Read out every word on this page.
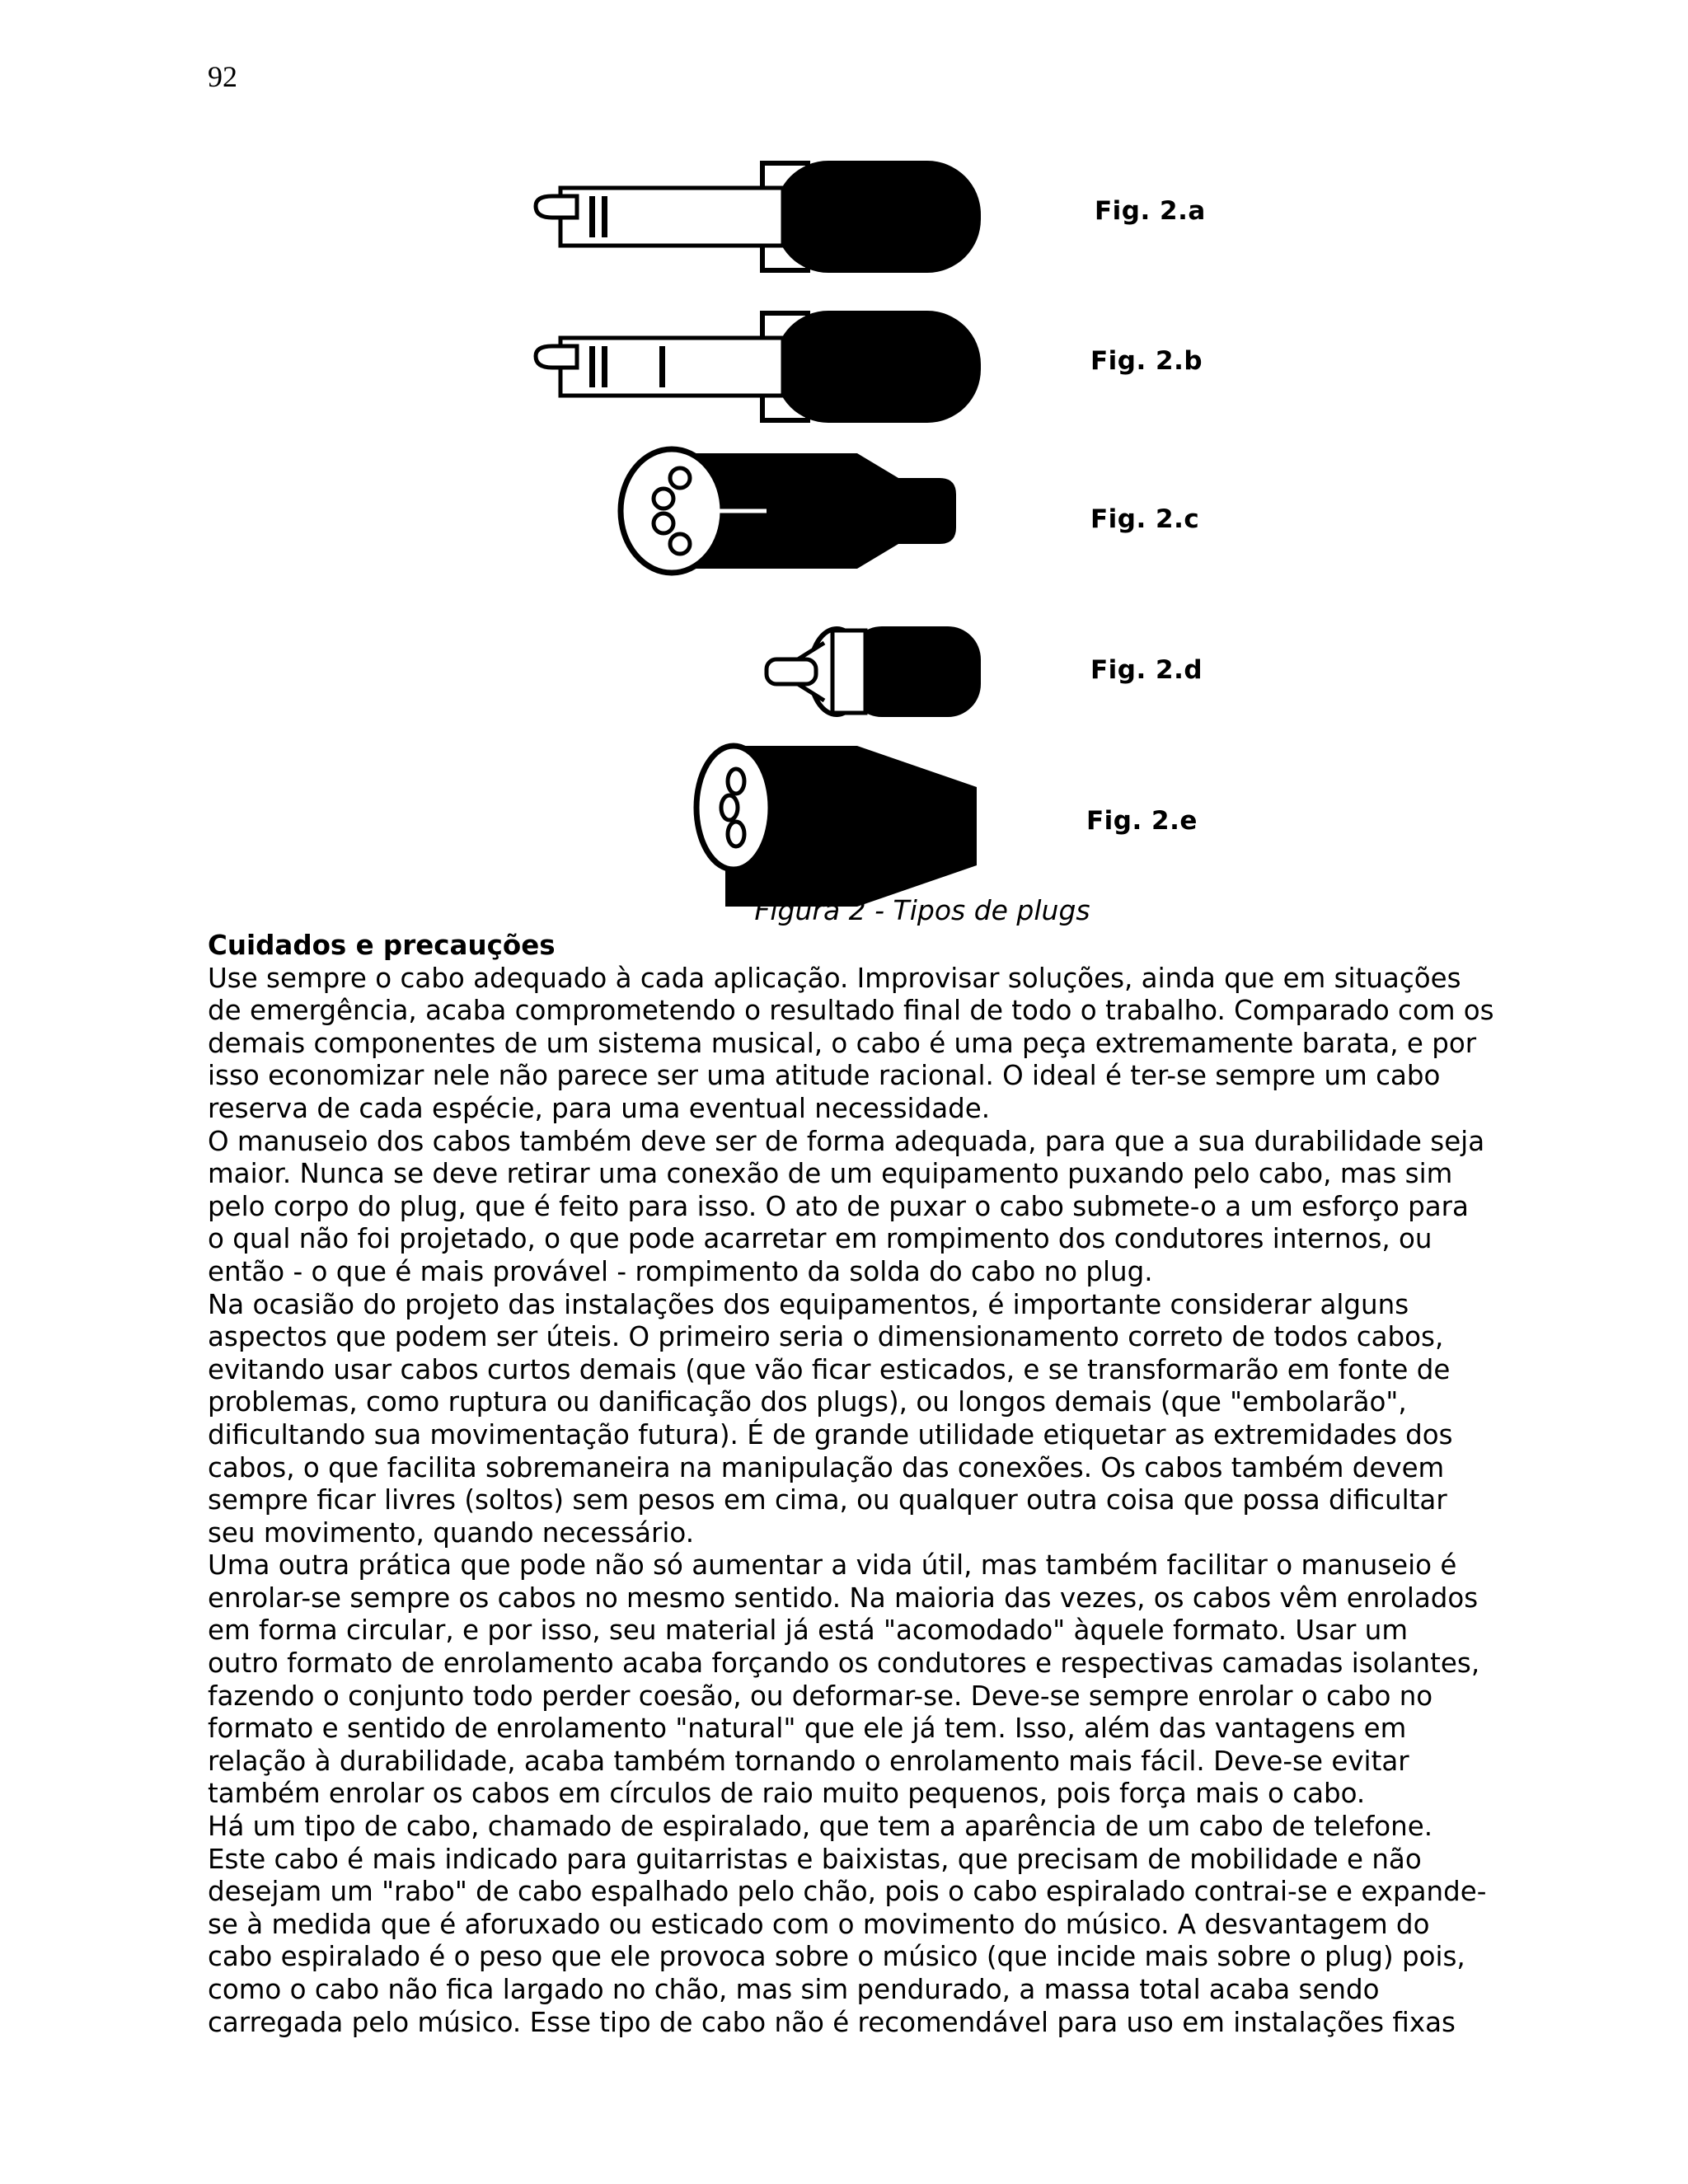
92
Fig. 2.a
Fig. 2.b
Fig. 2.c
Fig. 2.d
Fig. 2.e
Figura 2 - Tipos de plugs

Cuidados e precauções

Use sempre o cabo adequado à cada aplicação. Improvisar soluções, ainda que em situações
de emergência, acaba comprometendo o resultado final de todo o trabalho. Comparado com os
demais componentes de um sistema musical, o cabo é uma peça extremamente barata, e por
isso economizar nele não parece ser uma atitude racional. O ideal é ter-se sempre um cabo
reserva de cada espécie, para uma eventual necessidade.

O manuseio dos cabos também deve ser de forma adequada, para que a sua durabilidade seja
maior. Nunca se deve retirar uma conexão de um equipamento puxando pelo cabo, mas sim
pelo corpo do plug, que é feito para isso. O ato de puxar o cabo submete-o a um esforço para
o qual não foi projetado, o que pode acarretar em rompimento dos condutores internos, ou
então - o que é mais provável - rompimento da solda do cabo no plug.

Na ocasião do projeto das instalações dos equipamentos, é importante considerar alguns
aspectos que podem ser úteis. O primeiro seria o dimensionamento correto de todos cabos,
evitando usar cabos curtos demais (que vão ficar esticados, e se transformarão em fonte de
problemas, como ruptura ou danificação dos plugs), ou longos demais (que "embolarão",
dificultando sua movimentação futura). É de grande utilidade etiquetar as extremidades dos
cabos, o que facilita sobremaneira na manipulação das conexões. Os cabos também devem
sempre ficar livres (soltos) sem pesos em cima, ou qualquer outra coisa que possa dificultar
seu movimento, quando necessário.

Uma outra prática que pode não só aumentar a vida útil, mas também facilitar o manuseio é
enrolar-se sempre os cabos no mesmo sentido. Na maioria das vezes, os cabos vêm enrolados
em forma circular, e por isso, seu material já está "acomodado" àquele formato. Usar um
outro formato de enrolamento acaba forçando os condutores e respectivas camadas isolantes,
fazendo o conjunto todo perder coesão, ou deformar-se. Deve-se sempre enrolar o cabo no
formato e sentido de enrolamento "natural" que ele já tem. Isso, além das vantagens em
relação à durabilidade, acaba também tornando o enrolamento mais fácil. Deve-se evitar
também enrolar os cabos em círculos de raio muito pequenos, pois força mais o cabo.

Há um tipo de cabo, chamado de espiralado, que tem a aparência de um cabo de telefone.
Este cabo é mais indicado para guitarristas e baixistas, que precisam de mobilidade e não
desejam um "rabo" de cabo espalhado pelo chão, pois o cabo espiralado contrai-se e expande-
se à medida que é aforuxado ou esticado com o movimento do músico. A desvantagem do
cabo espiralado é o peso que ele provoca sobre o músico (que incide mais sobre o plug) pois,
como o cabo não fica largado no chão, mas sim pendurado, a massa total acaba sendo
carregada pelo músico. Esse tipo de cabo não é recomendável para uso em instalações fixas
